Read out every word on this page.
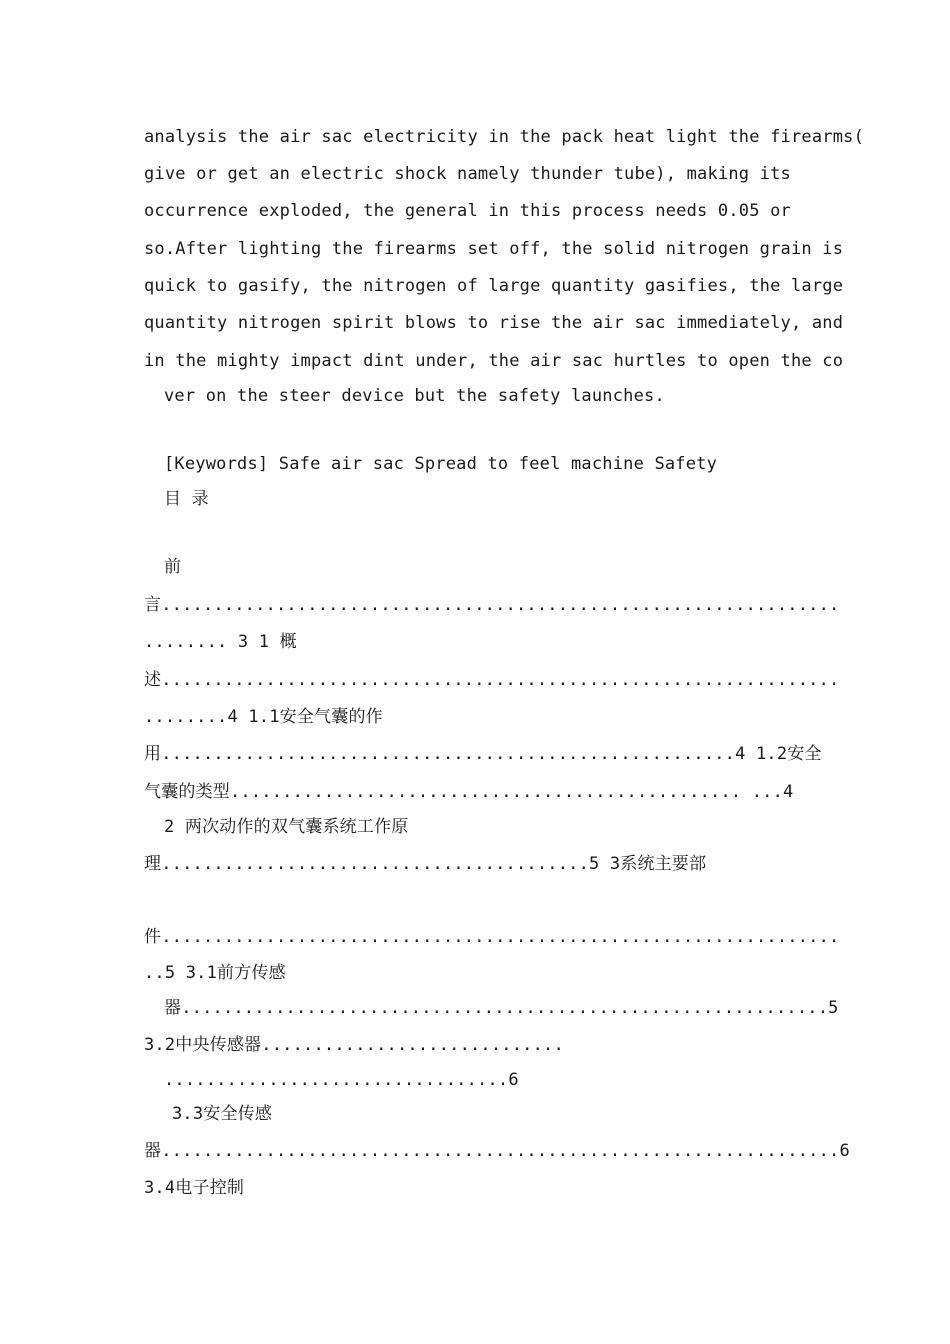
analysis the air sac electricity in the pack heat light the firearms(
give or get an electric shock namely thunder tube), making its
occurrence exploded, the general in this process needs 0.05 or
so.After lighting the firearms set off, the solid nitrogen grain is
quick to gasify, the nitrogen of large quantity gasifies, the large
quantity nitrogen spirit blows to rise the air sac immediately, and
in the mighty impact dint under, the air sac hurtles to open the co
ver on the steer device but the safety launches.
[Keywords] Safe air sac Spread to feel machine Safety
目 录
前
言.................................................................
........ 3 1 概
述.................................................................
........4 1.1安全气囊的作
用.......................................................4 1.2安全
气囊的类型................................................. ...4
2 两次动作的双气囊系统工作原
理.........................................5 3系统主要部
件.................................................................
..5 3.1前方传感
器..............................................................5
3.2中央传感器.............................
.................................6
3.3安全传感
器.................................................................6
3.4电子控制
